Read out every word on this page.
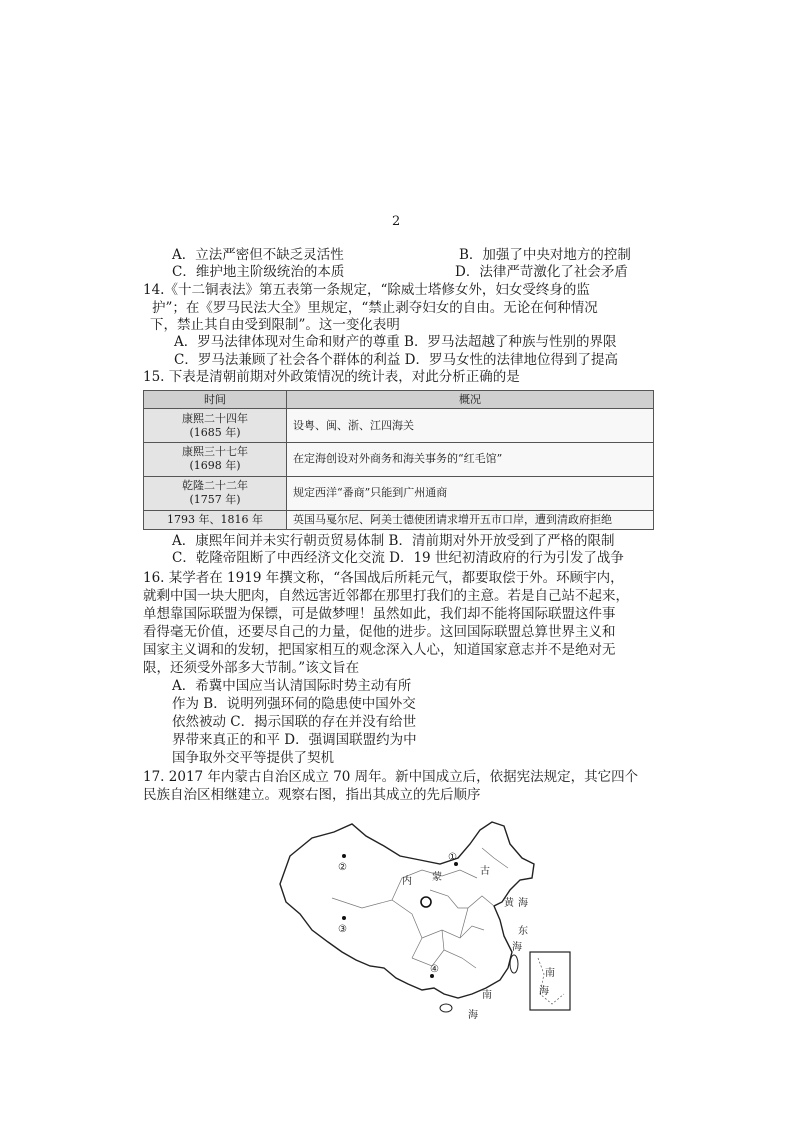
2
A．立法严密但不缺乏灵活性	B．加强了中央对地方的控制
C．维护地主阶级统治的本质	D．法律严苛激化了社会矛盾
14.《十二铜表法》第五表第一条规定，“除威士塔修女外，妇女受终身的监
护”；在《罗马民法大全》里规定，“禁止剥夺妇女的自由。无论在何种情况
下，禁止其自由受到限制”。这一变化表明
A．罗马法律体现对生命和财产的尊重 B．罗马法超越了种族与性别的界限
C．罗马法兼顾了社会各个群体的利益 D．罗马女性的法律地位得到了提高
15. 下表是清朝前期对外政策情况的统计表，对此分析正确的是
时间	概况

康熙二十四年
(1685 年)	设粤、闽、浙、江四海关

康熙三十七年
(1698 年)	在定海创设对外商务和海关事务的“红毛馆”

乾隆二十二年
(1757 年)	规定西洋“番商”只能到广州通商
1793 年、1816 年	英国马戛尔尼、阿美士德使团请求增开五市口岸，遭到清政府拒绝
A．康熙年间并未实行朝贡贸易体制 B．清前期对外开放受到了严格的限制
C．乾隆帝阻断了中西经济文化交流 D．19 世纪初清政府的行为引发了战争
16. 某学者在 1919 年撰文称，“各国战后所耗元气，都要取偿于外。环顾宇内，
就剩中国一块大肥肉，自然远害近邻都在那里打我们的主意。若是自己站不起来，
单想靠国际联盟为保镖，可是做梦哩！虽然如此，我们却不能将国际联盟这件事
看得毫无价值，还要尽自己的力量，促他的进步。这回国际联盟总算世界主义和
国家主义调和的发轫，把国家相互的观念深入人心，知道国家意志并不是绝对无
限，还须受外部多大节制。”该文旨在
A．希冀中国应当认清国际时势主动有所
作为 B．说明列强环伺的隐患使中国外交
依然被动 C．揭示国联的存在并没有给世
界带来真正的和平 D．强调国联盟约为中
国争取外交平等提供了契机
17. 2017 年内蒙古自治区成立 70 周年。新中国成立后，依据宪法规定，其它四个
民族自治区相继建立。观察右图，指出其成立的先后顺序
②
③
④
①
内 蒙
古
黄 海
东
海
南
海
南
海
